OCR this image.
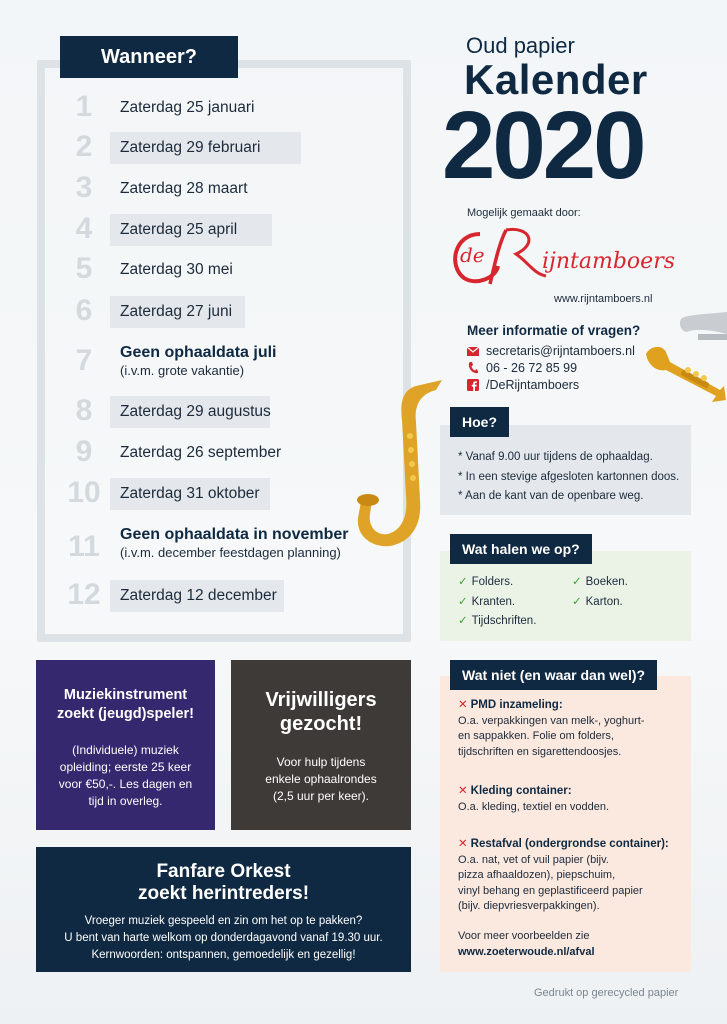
Wanneer?
1	Zaterdag 25 januari
2	Zaterdag 29 februari
3	Zaterdag 28 maart
4	Zaterdag 25 april
5	Zaterdag 30 mei
6	Zaterdag 27 juni
7	Geen ophaaldata juli
(i.v.m. grote vakantie)
8	Zaterdag 29 augustus
9	Zaterdag 26 september
10	Zaterdag 31 oktober
11	Geen ophaaldata in november
(i.v.m. december feestdagen planning)
12	Zaterdag 12 december
Oud papier
Kalender
2020
Mogelijk gemaakt door:
de	ijntamboers
www.rijntamboers.nl
Meer informatie of vragen?
secretaris@rijntamboers.nl
06 - 26 72 85 99
/DeRijntamboers
Hoe?
* Vanaf 9.00 uur tijdens de ophaaldag.
* In een stevige afgesloten kartonnen doos.
* Aan de kant van de openbare weg.
Wat halen we op?
✓ Folders.
✓ Kranten.
✓ Tijdschriften.
✓ Boeken.
✓ Karton.
Wat niet (en waar dan wel)?
✕ PMD inzameling:
O.a. verpakkingen van melk-, yoghurt-
en sappakken. Folie om folders,
tijdschriften en sigarettendoosjes.
✕ Kleding container:
O.a. kleding, textiel en vodden.
✕ Restafval (ondergrondse container):
O.a. nat, vet of vuil papier (bijv.
pizza afhaaldozen), piepschuim,
vinyl behang en geplastificeerd papier
(bijv. diepvriesverpakkingen).
Voor meer voorbeelden zie
www.zoeterwoude.nl/afval
Muziekinstrument
zoekt (jeugd)speler!
(Individuele) muziek
opleiding; eerste 25 keer
voor €50,-. Les dagen en
tijd in overleg.
Vrijwilligers
gezocht!
Voor hulp tijdens
enkele ophaalrondes
(2,5 uur per keer).
Fanfare Orkest
zoekt herintreders!
Vroeger muziek gespeeld en zin om het op te pakken?
U bent van harte welkom op donderdagavond vanaf 19.30 uur.
Kernwoorden: ontspannen, gemoedelijk en gezellig!
Gedrukt op gerecycled papier
